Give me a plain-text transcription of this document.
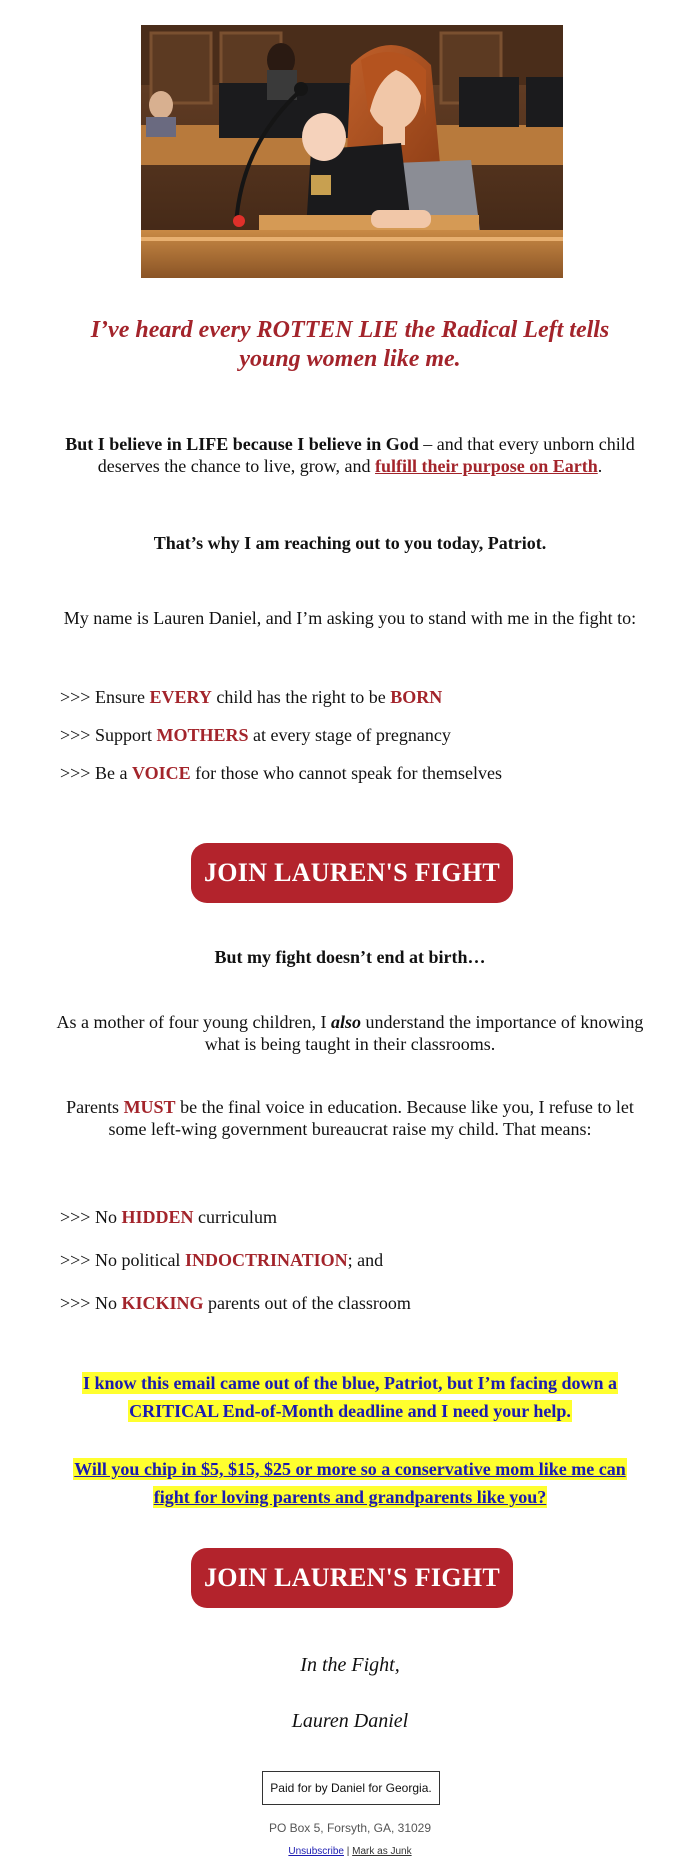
I’ve heard every ROTTEN LIE the Radical Left tells young women like me.
But I believe in LIFE because I believe in God – and that every unborn child deserves the chance to live, grow, and fulfill their purpose on Earth.
That’s why I am reaching out to you today, Patriot.
My name is Lauren Daniel, and I’m asking you to stand with me in the fight to:
>>> Ensure EVERY child has the right to be BORN
>>> Support MOTHERS at every stage of pregnancy
>>> Be a VOICE for those who cannot speak for themselves
JOIN LAUREN'S FIGHT
But my fight doesn’t end at birth…
As a mother of four young children, I also understand the importance of knowing what is being taught in their classrooms.
Parents MUST be the final voice in education. Because like you, I refuse to let some left-wing government bureaucrat raise my child. That means:
>>> No HIDDEN curriculum
>>> No political INDOCTRINATION; and
>>> No KICKING parents out of the classroom
I know this email came out of the blue, Patriot, but I’m facing down a CRITICAL End-of-Month deadline and I need your help.
Will you chip in $5, $15, $25 or more so a conservative mom like me can fight for loving parents and grandparents like you?
JOIN LAUREN'S FIGHT
In the Fight,
Lauren Daniel
Paid for by Daniel for Georgia.
PO Box 5, Forsyth, GA, 31029
Unsubscribe | Mark as Junk
